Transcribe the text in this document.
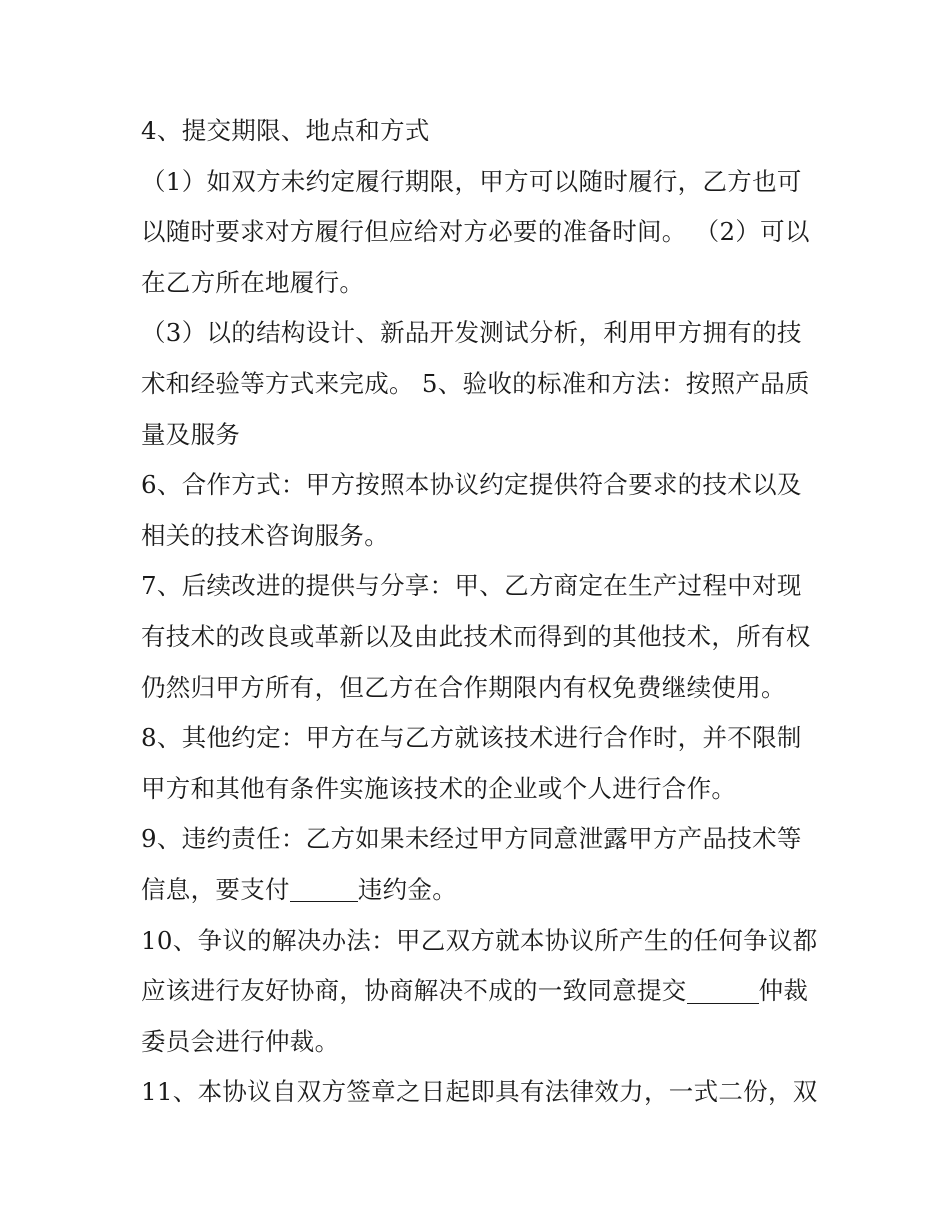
4、提交期限、地点和方式
（1）如双方未约定履行期限，甲方可以随时履行，乙方也可
以随时要求对方履行但应给对方必要的准备时间。 （2）可以
在乙方所在地履行。
（3）以的结构设计、新品开发测试分析，利用甲方拥有的技
术和经验等方式来完成。 5、验收的标准和方法：按照产品质
量及服务
6、合作方式：甲方按照本协议约定提供符合要求的技术以及
相关的技术咨询服务。
7、后续改进的提供与分享：甲、乙方商定在生产过程中对现
有技术的改良或革新以及由此技术而得到的其他技术，所有权
仍然归甲方所有，但乙方在合作期限内有权免费继续使用。
8、其他约定：甲方在与乙方就该技术进行合作时，并不限制
甲方和其他有条件实施该技术的企业或个人进行合作。
9、违约责任：乙方如果未经过甲方同意泄露甲方产品技术等
信息，要支付	违约金。
10、争议的解决办法：甲乙双方就本协议所产生的任何争议都
应该进行友好协商，协商解决不成的一致同意提交	仲裁
委员会进行仲裁。
11、本协议自双方签章之日起即具有法律效力，一式二份，双
